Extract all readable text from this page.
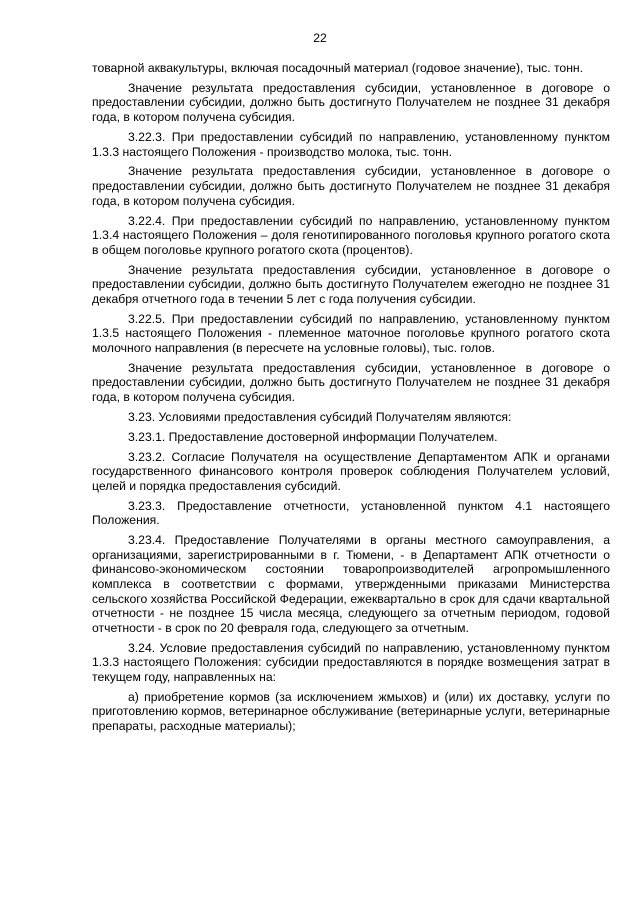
22

товарной аквакультуры, включая посадочный материал (годовое значение), тыс. тонн.

Значение результата предоставления субсидии, установленное в договоре о предоставлении субсидии, должно быть достигнуто Получателем не позднее 31 декабря года, в котором получена субсидия.

3.22.3. При предоставлении субсидий по направлению, установленному пунктом 1.3.3 настоящего Положения - производство молока, тыс. тонн.

Значение результата предоставления субсидии, установленное в договоре о предоставлении субсидии, должно быть достигнуто Получателем не позднее 31 декабря года, в котором получена субсидия.

3.22.4. При предоставлении субсидий по направлению, установленному пунктом 1.3.4 настоящего Положения – доля генотипированного поголовья крупного рогатого скота в общем поголовье крупного рогатого скота (процентов).

Значение результата предоставления субсидии, установленное в договоре о предоставлении субсидии, должно быть достигнуто Получателем ежегодно не позднее 31 декабря отчетного года в течении 5 лет с года получения субсидии.

3.22.5. При предоставлении субсидий по направлению, установленному пунктом 1.3.5 настоящего Положения - племенное маточное поголовье крупного рогатого скота молочного направления (в пересчете на условные головы), тыс. голов.

Значение результата предоставления субсидии, установленное в договоре о предоставлении субсидии, должно быть достигнуто Получателем не позднее 31 декабря года, в котором получена субсидия.

3.23. Условиями предоставления субсидий Получателям являются:

3.23.1. Предоставление достоверной информации Получателем.

3.23.2. Согласие Получателя на осуществление Департаментом АПК и органами государственного финансового контроля проверок соблюдения Получателем условий, целей и порядка предоставления субсидий.

3.23.3. Предоставление отчетности, установленной пунктом 4.1 настоящего Положения.

3.23.4. Предоставление Получателями в органы местного самоуправления, а организациями, зарегистрированными в г. Тюмени, - в Департамент АПК отчетности о финансово-экономическом состоянии товаропроизводителей агропромышленного комплекса в соответствии с формами, утвержденными приказами Министерства сельского хозяйства Российской Федерации, ежеквартально в срок для сдачи квартальной отчетности - не позднее 15 числа месяца, следующего за отчетным периодом, годовой отчетности - в срок по 20 февраля года, следующего за отчетным.

3.24. Условие предоставления субсидий по направлению, установленному пунктом 1.3.3 настоящего Положения: субсидии предоставляются в порядке возмещения затрат в текущем году, направленных на:

а) приобретение кормов (за исключением жмыхов) и (или) их доставку, услуги по приготовлению кормов, ветеринарное обслуживание (ветеринарные услуги, ветеринарные препараты, расходные материалы);
